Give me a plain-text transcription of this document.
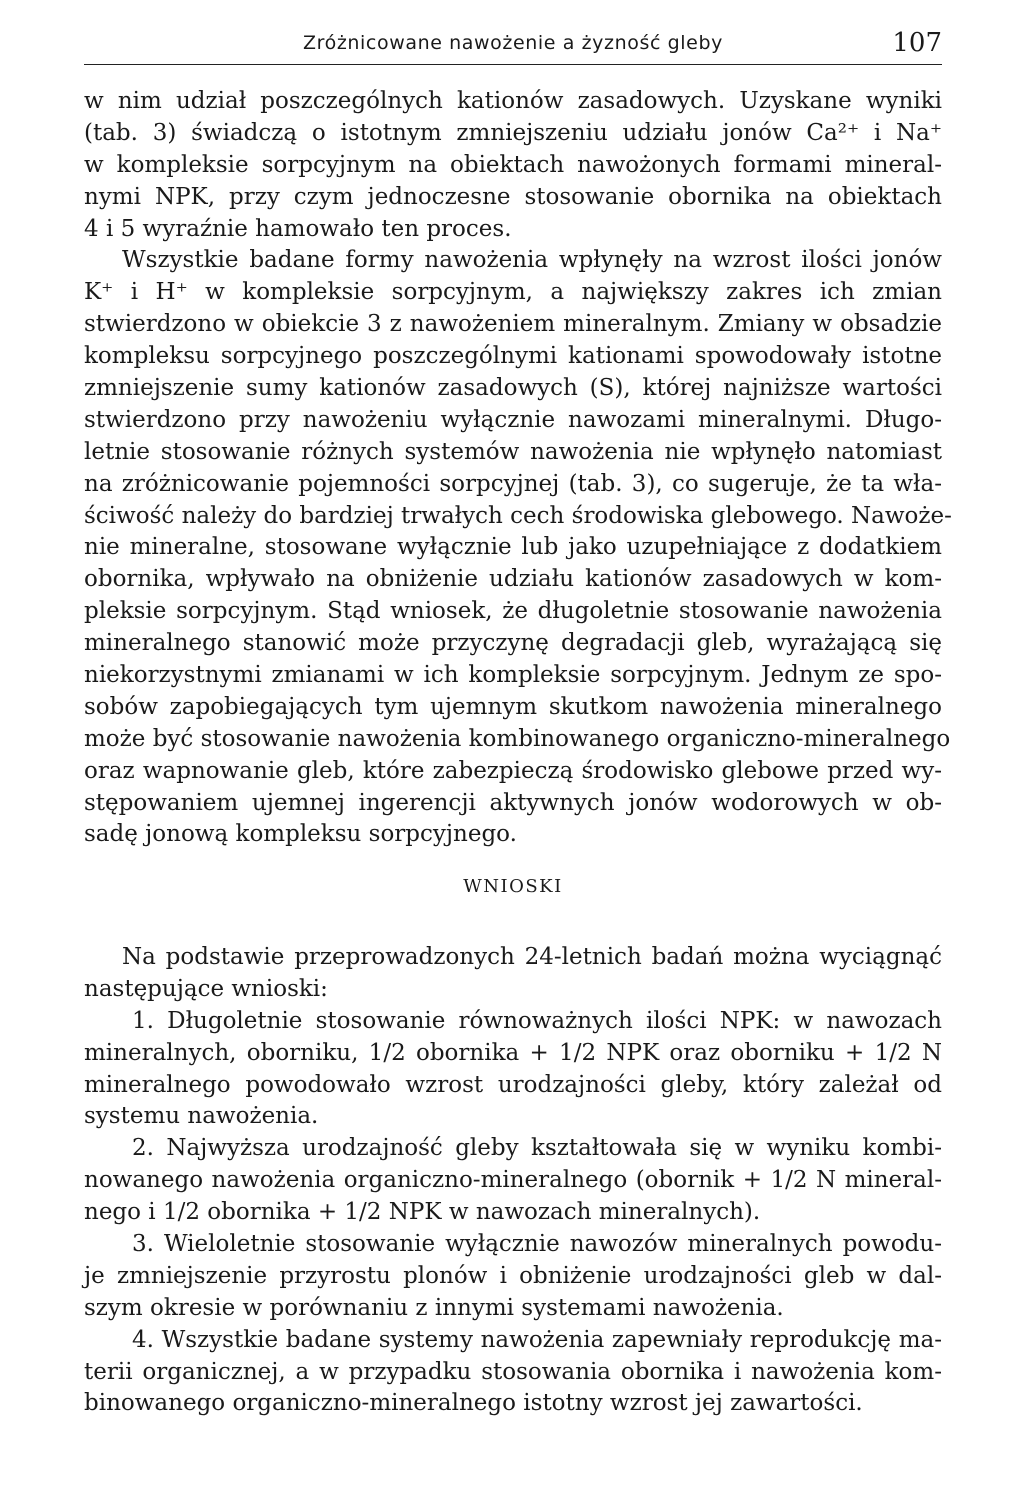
Zróżnicowane nawożenie a żyzność gleby	107
w nim udział poszczególnych kationów zasadowych. Uzyskane wyniki
(tab. 3) świadczą o istotnym zmniejszeniu udziału jonów Ca²⁺ i Na⁺
w kompleksie sorpcyjnym na obiektach nawożonych formami mineral-
nymi NPK, przy czym jednoczesne stosowanie obornika na obiektach
4 i 5 wyraźnie hamowało ten proces.
Wszystkie badane formy nawożenia wpłynęły na wzrost ilości jonów
K⁺ i H⁺ w kompleksie sorpcyjnym, a największy zakres ich zmian
stwierdzono w obiekcie 3 z nawożeniem mineralnym. Zmiany w obsadzie
kompleksu sorpcyjnego poszczególnymi kationami spowodowały istotne
zmniejszenie sumy kationów zasadowych (S), której najniższe wartości
stwierdzono przy nawożeniu wyłącznie nawozami mineralnymi. Długo-
letnie stosowanie różnych systemów nawożenia nie wpłynęło natomiast
na zróżnicowanie pojemności sorpcyjnej (tab. 3), co sugeruje, że ta wła-
ściwość należy do bardziej trwałych cech środowiska glebowego. Nawoże-
nie mineralne, stosowane wyłącznie lub jako uzupełniające z dodatkiem
obornika, wpływało na obniżenie udziału kationów zasadowych w kom-
pleksie sorpcyjnym. Stąd wniosek, że długoletnie stosowanie nawożenia
mineralnego stanowić może przyczynę degradacji gleb, wyrażającą się
niekorzystnymi zmianami w ich kompleksie sorpcyjnym. Jednym ze spo-
sobów zapobiegających tym ujemnym skutkom nawożenia mineralnego
może być stosowanie nawożenia kombinowanego organiczno-mineralnego
oraz wapnowanie gleb, które zabezpieczą środowisko glebowe przed wy-
stępowaniem ujemnej ingerencji aktywnych jonów wodorowych w ob-
sadę jonową kompleksu sorpcyjnego.
WNIOSKI
Na podstawie przeprowadzonych 24-letnich badań można wyciągnąć
następujące wnioski:
1. Długoletnie stosowanie równoważnych ilości NPK: w nawozach
mineralnych, oborniku, 1/2 obornika + 1/2 NPK oraz oborniku + 1/2 N
mineralnego powodowało wzrost urodzajności gleby, który zależał od
systemu nawożenia.
2. Najwyższa urodzajność gleby kształtowała się w wyniku kombi-
nowanego nawożenia organiczno-mineralnego (obornik + 1/2 N mineral-
nego i 1/2 obornika + 1/2 NPK w nawozach mineralnych).
3. Wieloletnie stosowanie wyłącznie nawozów mineralnych powodu-
je zmniejszenie przyrostu plonów i obniżenie urodzajności gleb w dal-
szym okresie w porównaniu z innymi systemami nawożenia.
4. Wszystkie badane systemy nawożenia zapewniały reprodukcję ma-
terii organicznej, a w przypadku stosowania obornika i nawożenia kom-
binowanego organiczno-mineralnego istotny wzrost jej zawartości.
